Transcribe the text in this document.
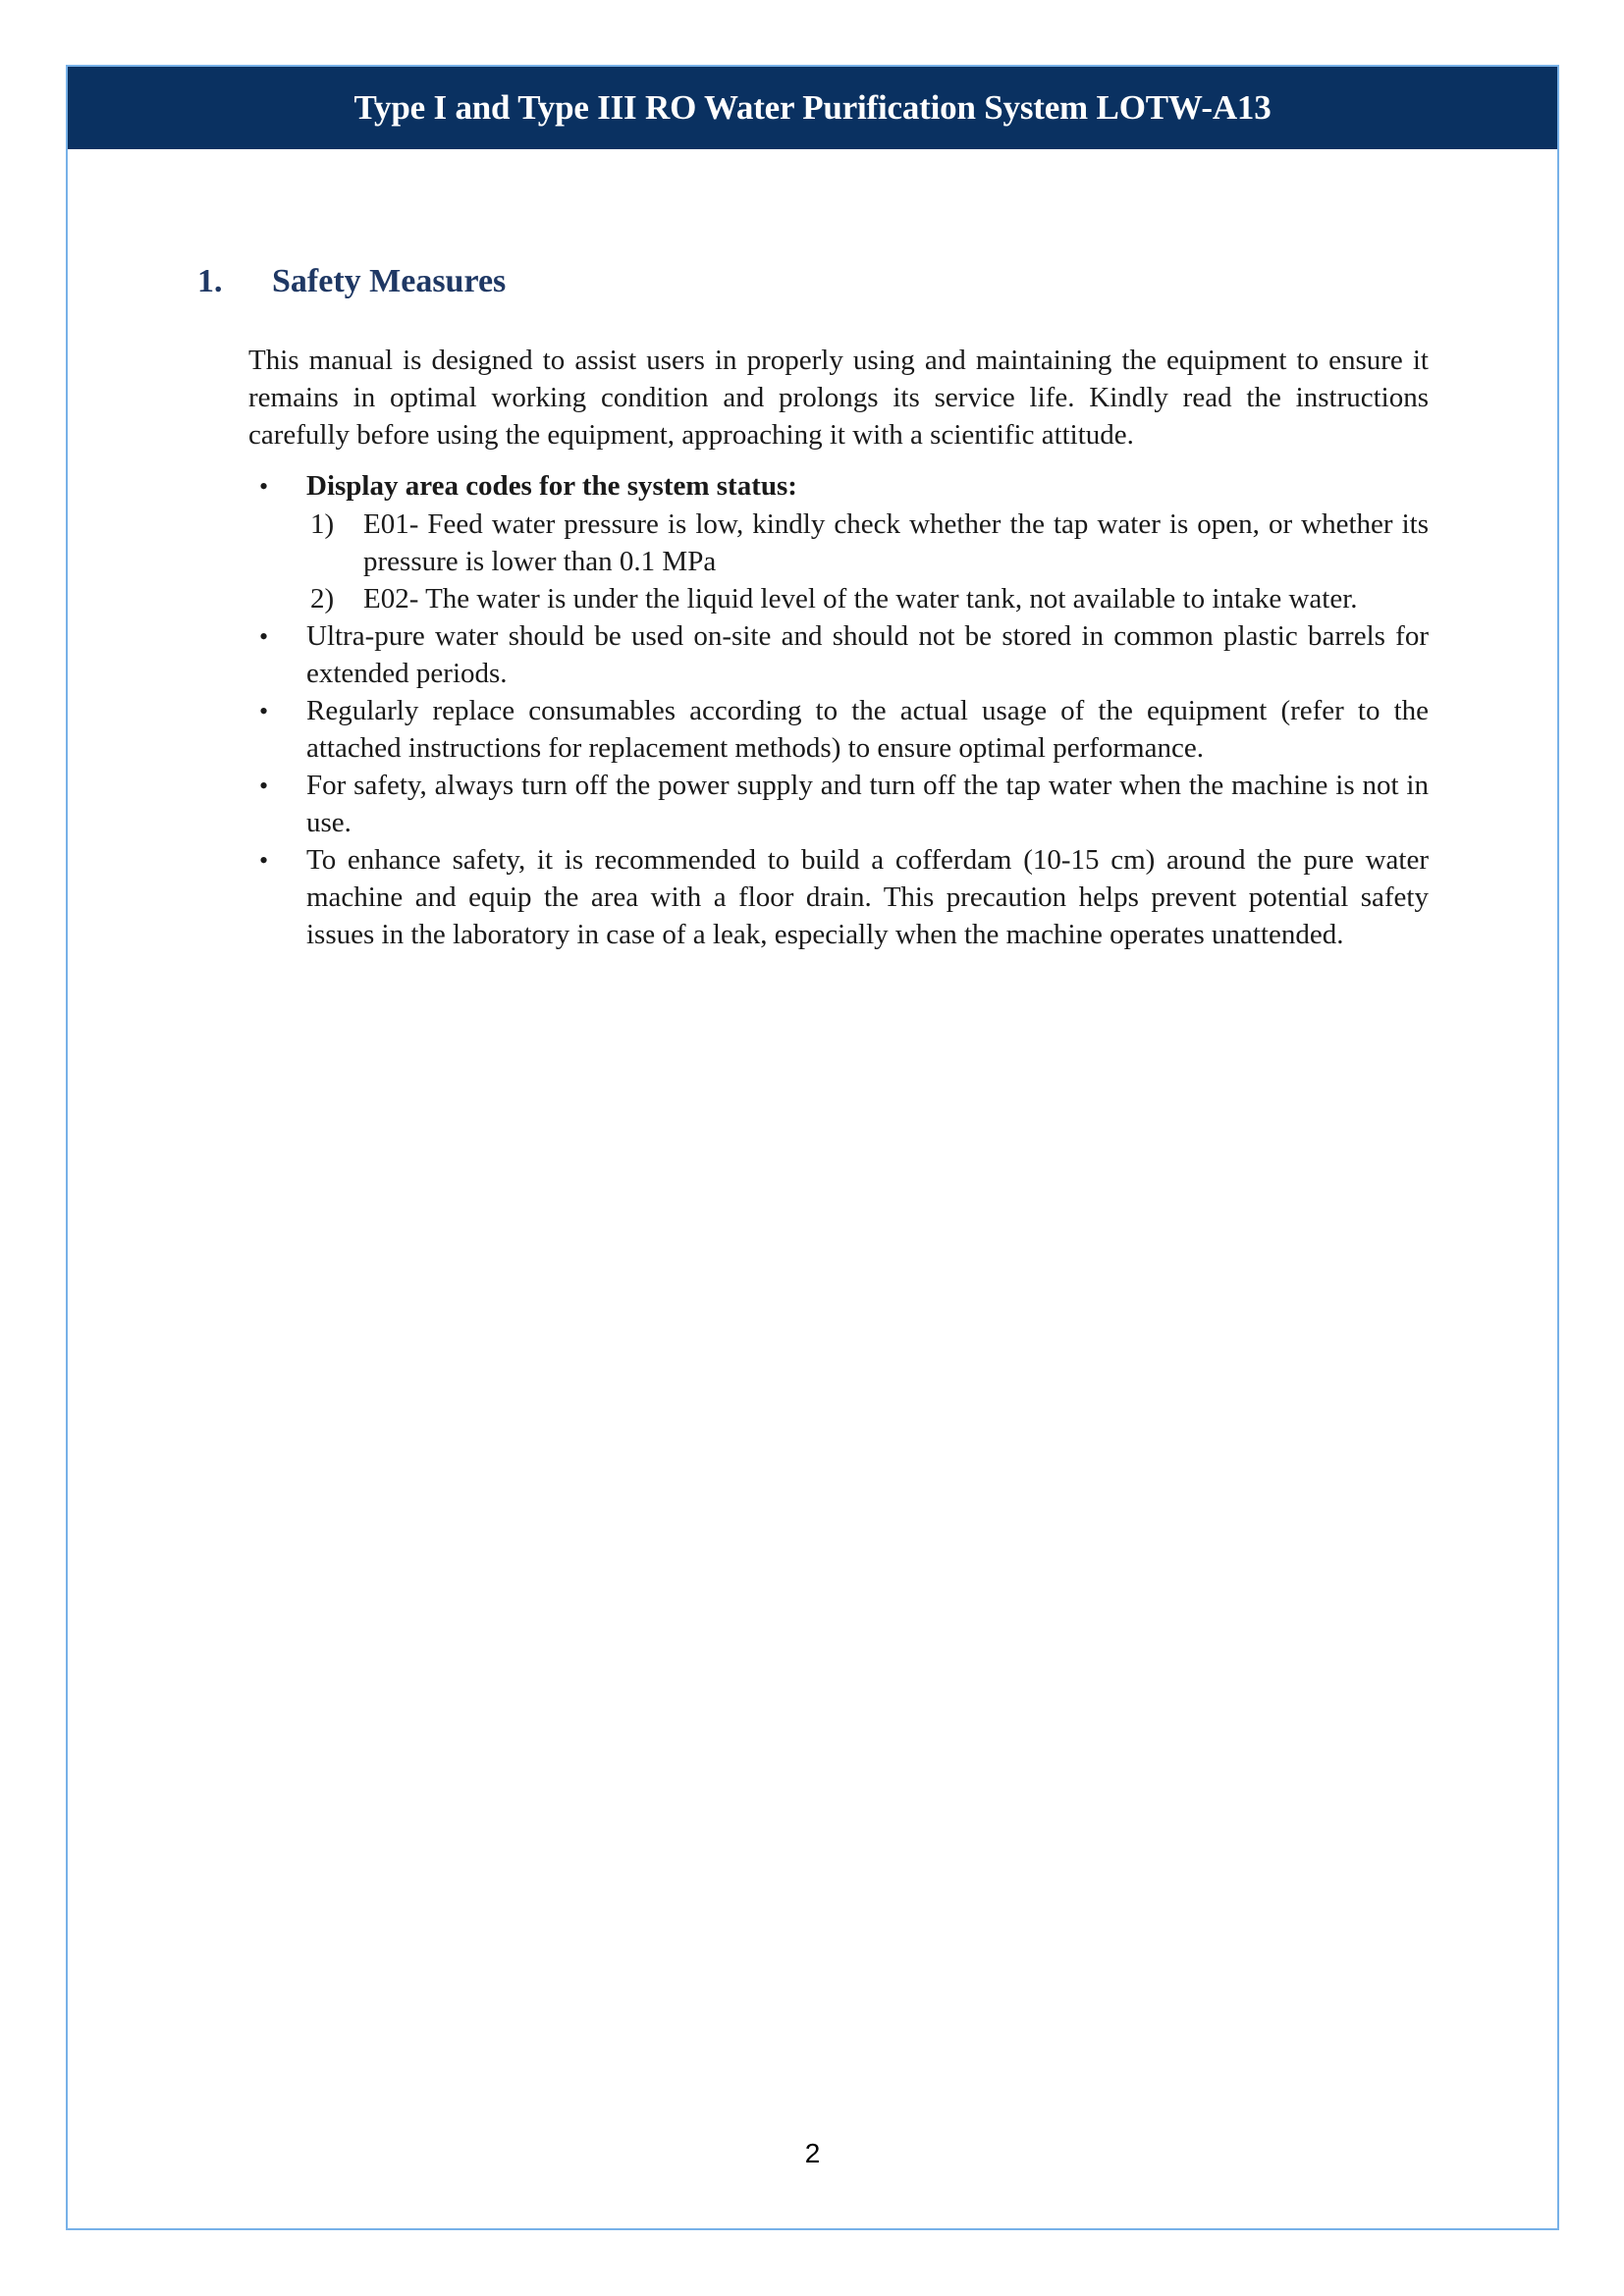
Type I and Type III RO Water Purification System LOTW-A13
1. Safety Measures
This manual is designed to assist users in properly using and maintaining the equipment to ensure it remains in optimal working condition and prolongs its service life. Kindly read the instructions carefully before using the equipment, approaching it with a scientific attitude.
•	Display area codes for the system status:
1)	E01- Feed water pressure is low, kindly check whether the tap water is open, or whether its pressure is lower than 0.1 MPa
2)	E02- The water is under the liquid level of the water tank, not available to intake water.
•	Ultra-pure water should be used on-site and should not be stored in common plastic barrels for extended periods.
•	Regularly replace consumables according to the actual usage of the equipment (refer to the attached instructions for replacement methods) to ensure optimal performance.
•	For safety, always turn off the power supply and turn off the tap water when the machine is not in use.
•	To enhance safety, it is recommended to build a cofferdam (10-15 cm) around the pure water machine and equip the area with a floor drain. This precaution helps prevent potential safety issues in the laboratory in case of a leak, especially when the machine operates unattended.
2
